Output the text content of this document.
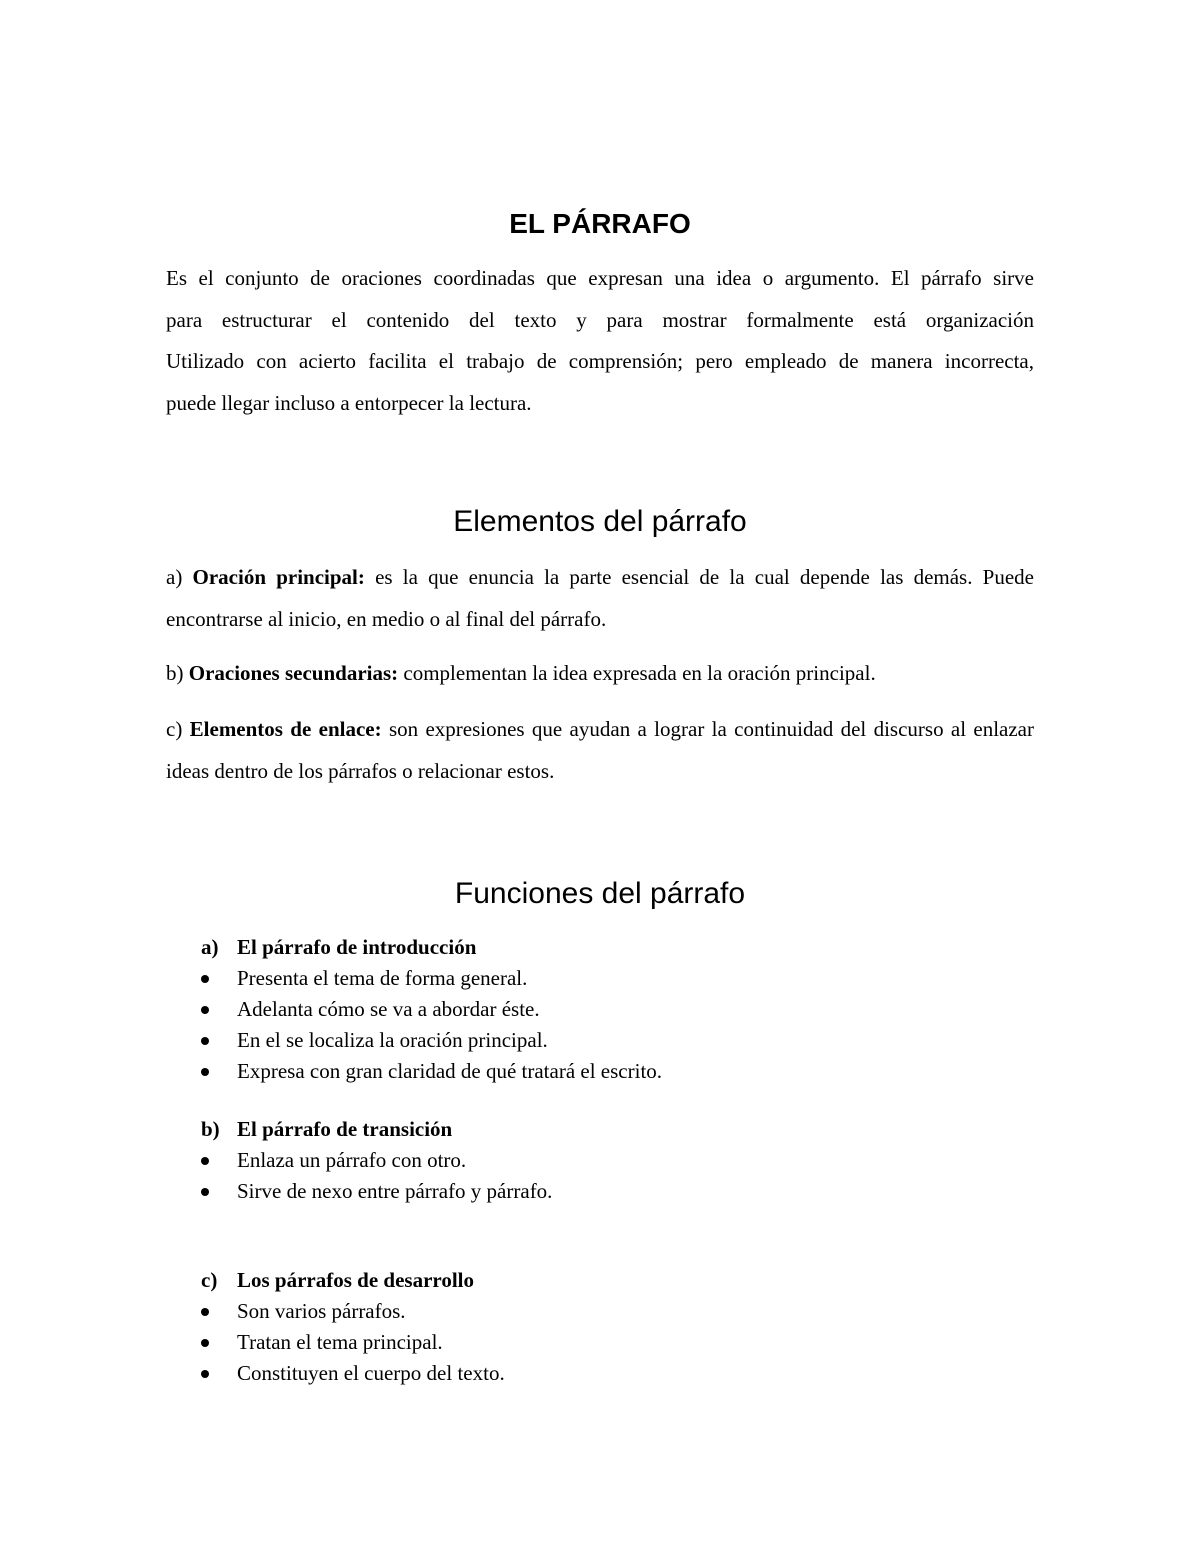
EL PÁRRAFO
Es el conjunto de oraciones coordinadas que expresan una idea o argumento. El párrafo sirve
para estructurar el contenido del texto y para mostrar formalmente está organización
Utilizado con acierto facilita el trabajo de comprensión; pero empleado de manera incorrecta,
puede llegar incluso a entorpecer la lectura.
Elementos del párrafo

a) Oración principal: es la que enuncia la parte esencial de la cual depende las demás. Puede encontrarse al inicio, en medio o al final del párrafo.

b) Oraciones secundarias: complementan la idea expresada en la oración principal.

c) Elementos de enlace: son expresiones que ayudan a lograr la continuidad del discurso al enlazar ideas dentro de los párrafos o relacionar estos.

Funciones del párrafo

a) El párrafo de introducción

Presenta el tema de forma general.
Adelanta cómo se va a abordar éste.
En el se localiza la oración principal.
Expresa con gran claridad de qué tratará el escrito.

b) El párrafo de transición

Enlaza un párrafo con otro.
Sirve de nexo entre párrafo y párrafo.

c) Los párrafos de desarrollo

Son varios párrafos.
Tratan el tema principal.
Constituyen el cuerpo del texto.
